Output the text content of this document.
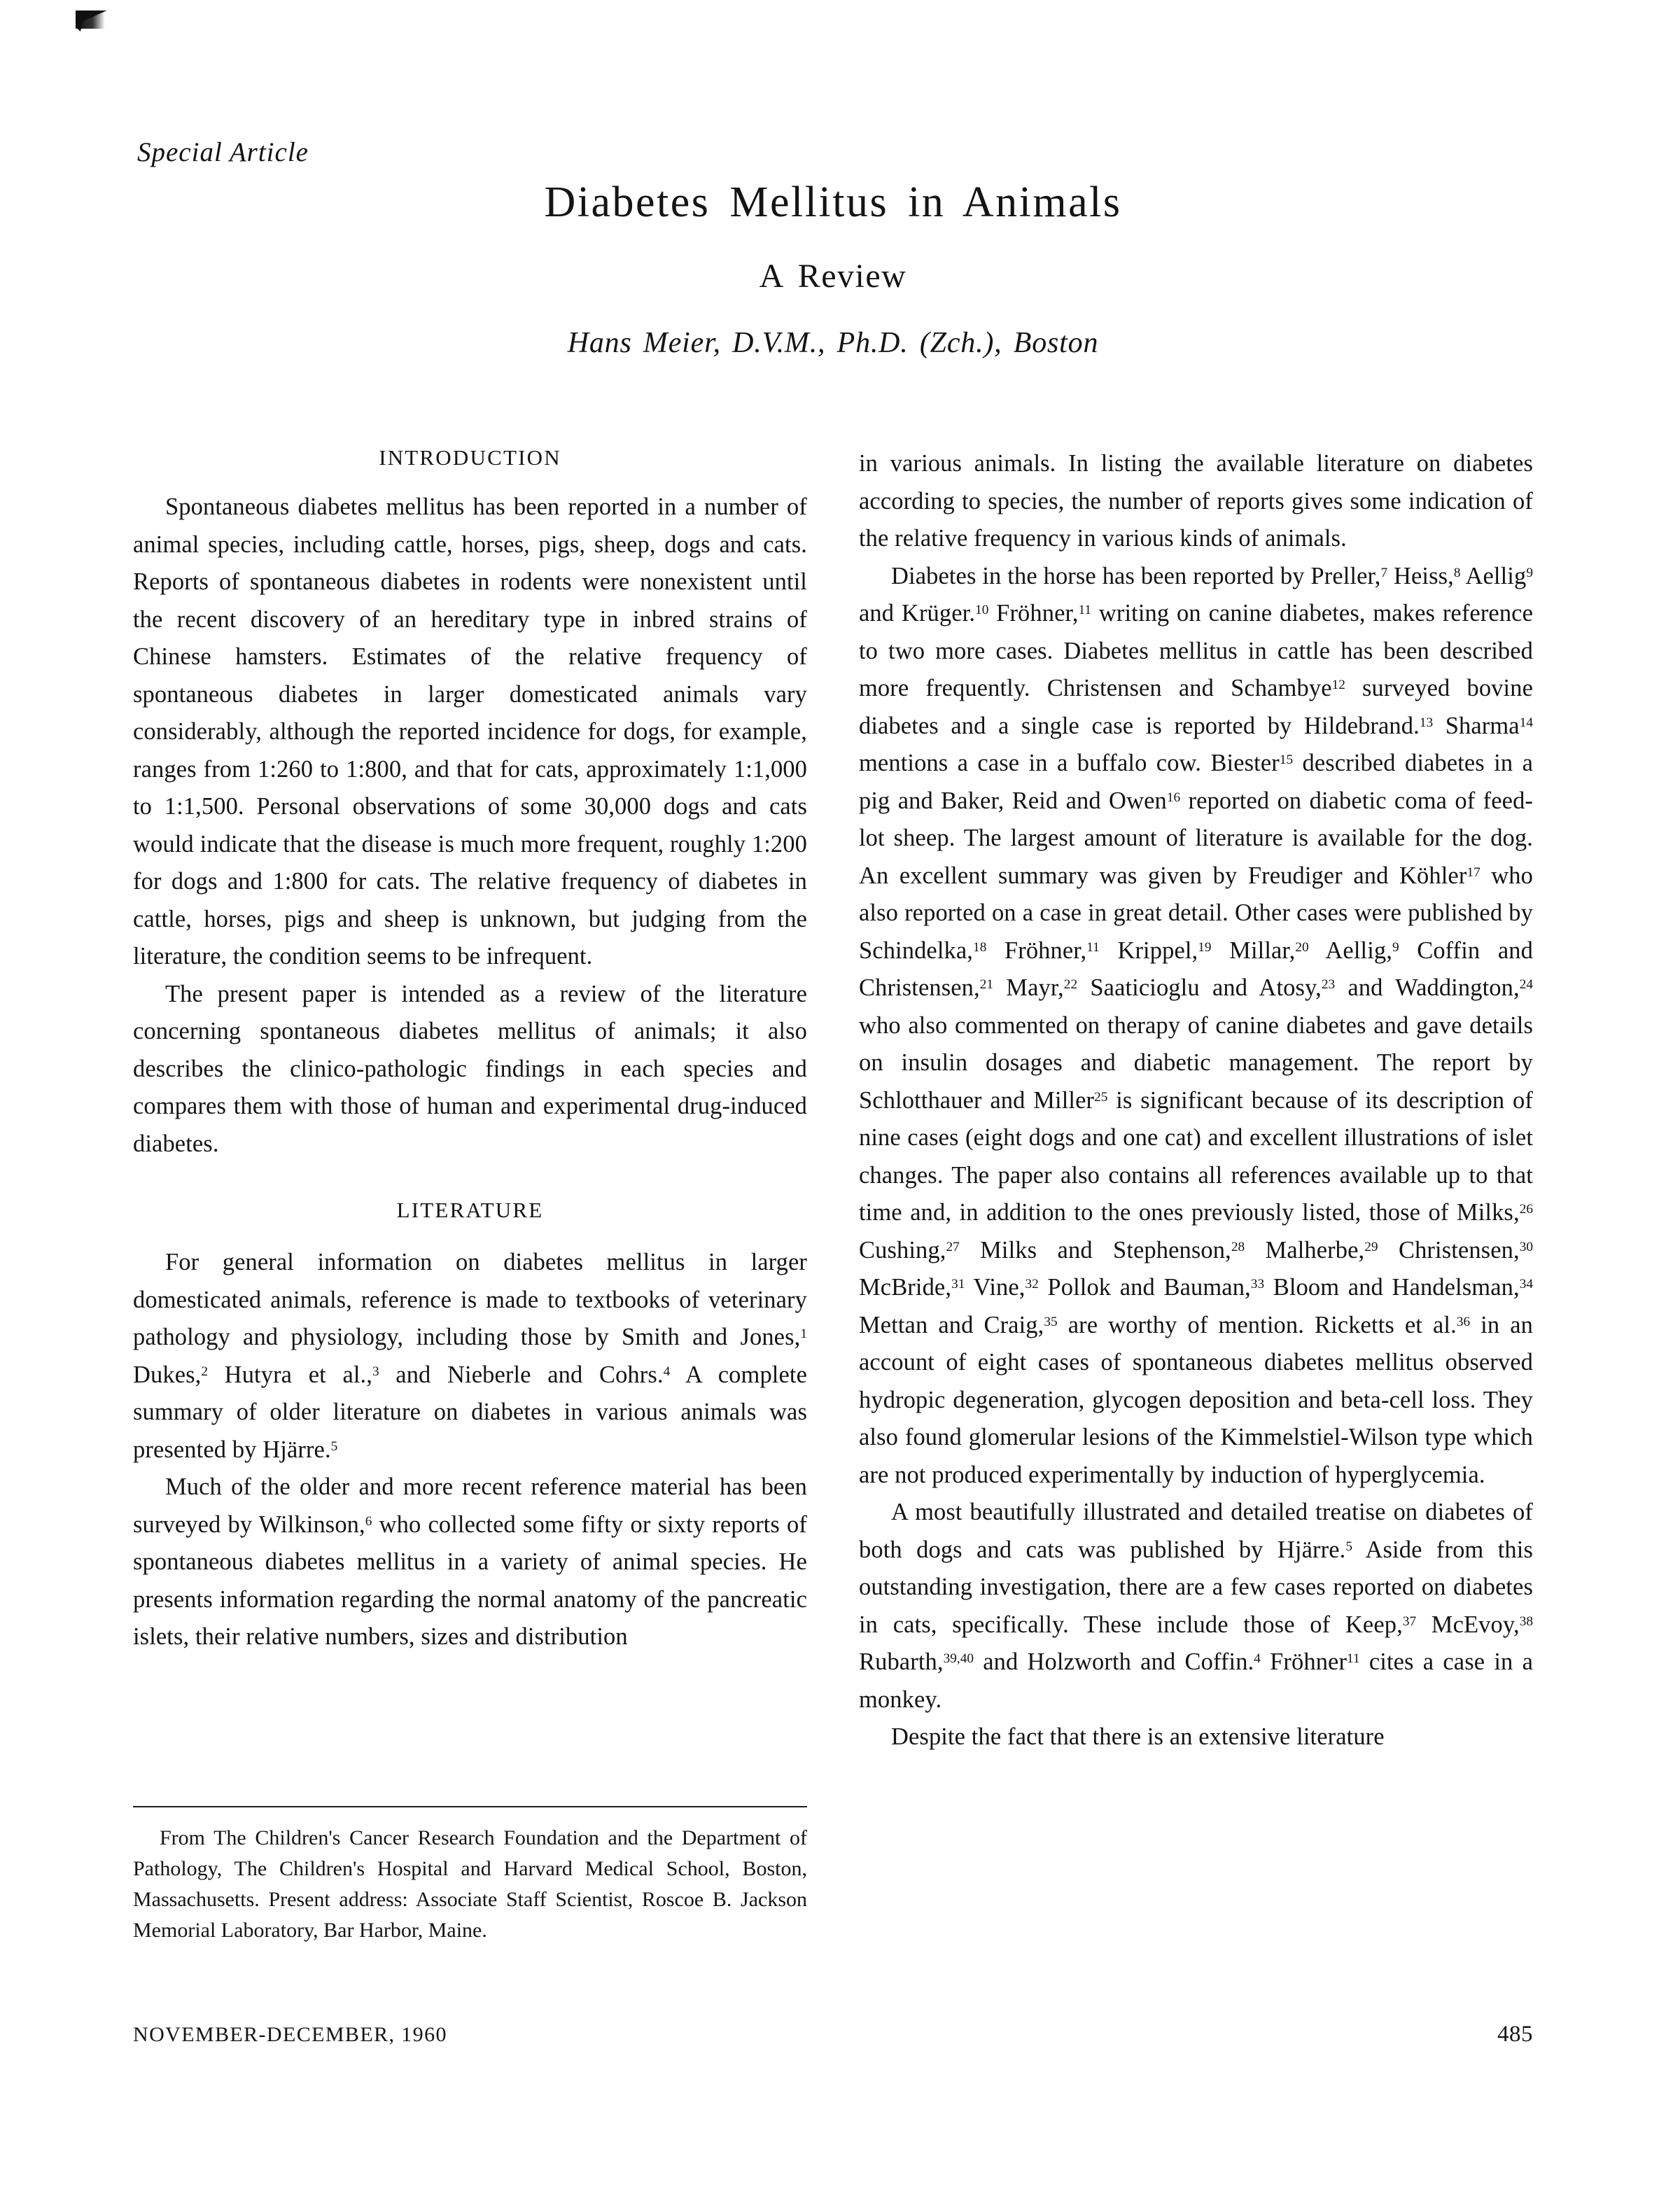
Special Article
Diabetes Mellitus in Animals
A Review
Hans Meier, D.V.M., Ph.D. (Zch.), Boston
INTRODUCTION

Spontaneous diabetes mellitus has been reported in a number of animal species, including cattle, horses, pigs, sheep, dogs and cats. Reports of spontaneous diabetes in rodents were nonexistent until the recent discovery of an hereditary type in inbred strains of Chinese hamsters. Estimates of the relative frequency of spontaneous diabetes in larger domesticated animals vary considerably, although the reported incidence for dogs, for example, ranges from 1:260 to 1:800, and that for cats, approximately 1:1,000 to 1:1,500. Personal observations of some 30,000 dogs and cats would indicate that the disease is much more frequent, roughly 1:200 for dogs and 1:800 for cats. The relative frequency of diabetes in cattle, horses, pigs and sheep is unknown, but judging from the literature, the condition seems to be infrequent.

The present paper is intended as a review of the literature concerning spontaneous diabetes mellitus of animals; it also describes the clinico-pathologic findings in each species and compares them with those of human and experimental drug-induced diabetes.

LITERATURE

For general information on diabetes mellitus in larger domesticated animals, reference is made to textbooks of veterinary pathology and physiology, including those by Smith and Jones,$^1$ Dukes,$^2$ Hutyra et al.,$^3$ and Nieberle and Cohrs.$^4$ A complete summary of older literature on diabetes in various animals was presented by Hjärre.$^5$

Much of the older and more recent reference material has been surveyed by Wilkinson,$^6$ who collected some fifty or sixty reports of spontaneous diabetes mellitus in a variety of animal species. He presents information regarding the normal anatomy of the pancreatic islets, their relative numbers, sizes and distribution

in various animals. In listing the available literature on diabetes according to species, the number of reports gives some indication of the relative frequency in various kinds of animals.

Diabetes in the horse has been reported by Preller,$^7$ Heiss,$^8$ Aellig$^9$ and Krüger.$^{10}$ Fröhner,$^{11}$ writing on canine diabetes, makes reference to two more cases. Diabetes mellitus in cattle has been described more frequently. Christensen and Schambye$^{12}$ surveyed bovine diabetes and a single case is reported by Hildebrand.$^{13}$ Sharma$^{14}$ mentions a case in a buffalo cow. Biester$^{15}$ described diabetes in a pig and Baker, Reid and Owen$^{16}$ reported on diabetic coma of feed-lot sheep. The largest amount of literature is available for the dog. An excellent summary was given by Freudiger and Köhler$^{17}$ who also reported on a case in great detail. Other cases were published by Schindelka,$^{18}$ Fröhner,$^{11}$ Krippel,$^{19}$ Millar,$^{20}$ Aellig,$^9$ Coffin and Christensen,$^{21}$ Mayr,$^{22}$ Saaticioglu and Atosy,$^{23}$ and Waddington,$^{24}$ who also commented on therapy of canine diabetes and gave details on insulin dosages and diabetic management. The report by Schlotthauer and Miller$^{25}$ is significant because of its description of nine cases (eight dogs and one cat) and excellent illustrations of islet changes. The paper also contains all references available up to that time and, in addition to the ones previously listed, those of Milks,$^{26}$ Cushing,$^{27}$ Milks and Stephenson,$^{28}$ Malherbe,$^{29}$ Christensen,$^{30}$ McBride,$^{31}$ Vine,$^{32}$ Pollok and Bauman,$^{33}$ Bloom and Handelsman,$^{34}$ Mettan and Craig,$^{35}$ are worthy of mention. Ricketts et al.$^{36}$ in an account of eight cases of spontaneous diabetes mellitus observed hydropic degeneration, glycogen deposition and beta-cell loss. They also found glomerular lesions of the Kimmelstiel-Wilson type which are not produced experimentally by induction of hyperglycemia.

A most beautifully illustrated and detailed treatise on diabetes of both dogs and cats was published by Hjärre.$^5$ Aside from this outstanding investigation, there are a few cases reported on diabetes in cats, specifically. These include those of Keep,$^{37}$ McEvoy,$^{38}$ Rubarth,$^{39,40}$ and Holzworth and Coffin.$^4$ Fröhner$^{11}$ cites a case in a monkey.

Despite the fact that there is an extensive literature

From The Children's Cancer Research Foundation and the Department of Pathology, The Children's Hospital and Harvard Medical School, Boston, Massachusetts. Present address: Associate Staff Scientist, Roscoe B. Jackson Memorial Laboratory, Bar Harbor, Maine.

NOVEMBER-DECEMBER, 1960	485
